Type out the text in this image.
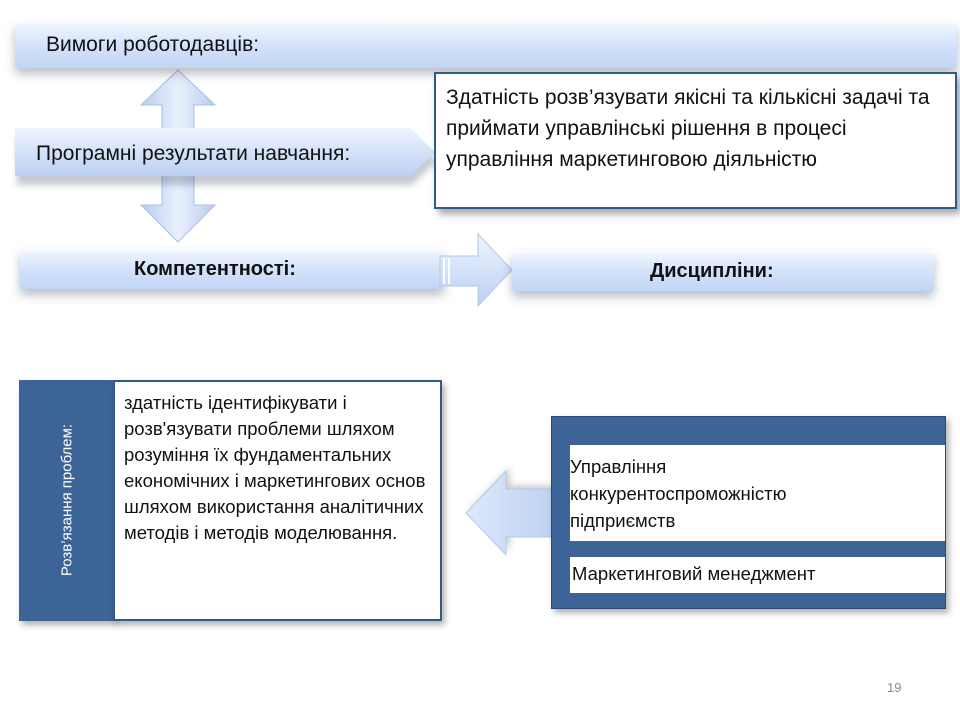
Вимоги роботодавців:
Програмні результати навчання:
Здатність розв’язувати якісні та кількісні задачі та приймати управлінські рішення в процесі управління маркетинговою діяльністю
Компетентності:	Дисципліни:
Розв’язання проблем:
здатність ідентифікувати і розв'язувати проблеми шляхом розуміння їх фундаментальних економічних і маркетингових основ шляхом використання аналітичних методів і методів моделювання.
Управління конкурентоспроможністю підприємств
Маркетинговий менеджмент
19
